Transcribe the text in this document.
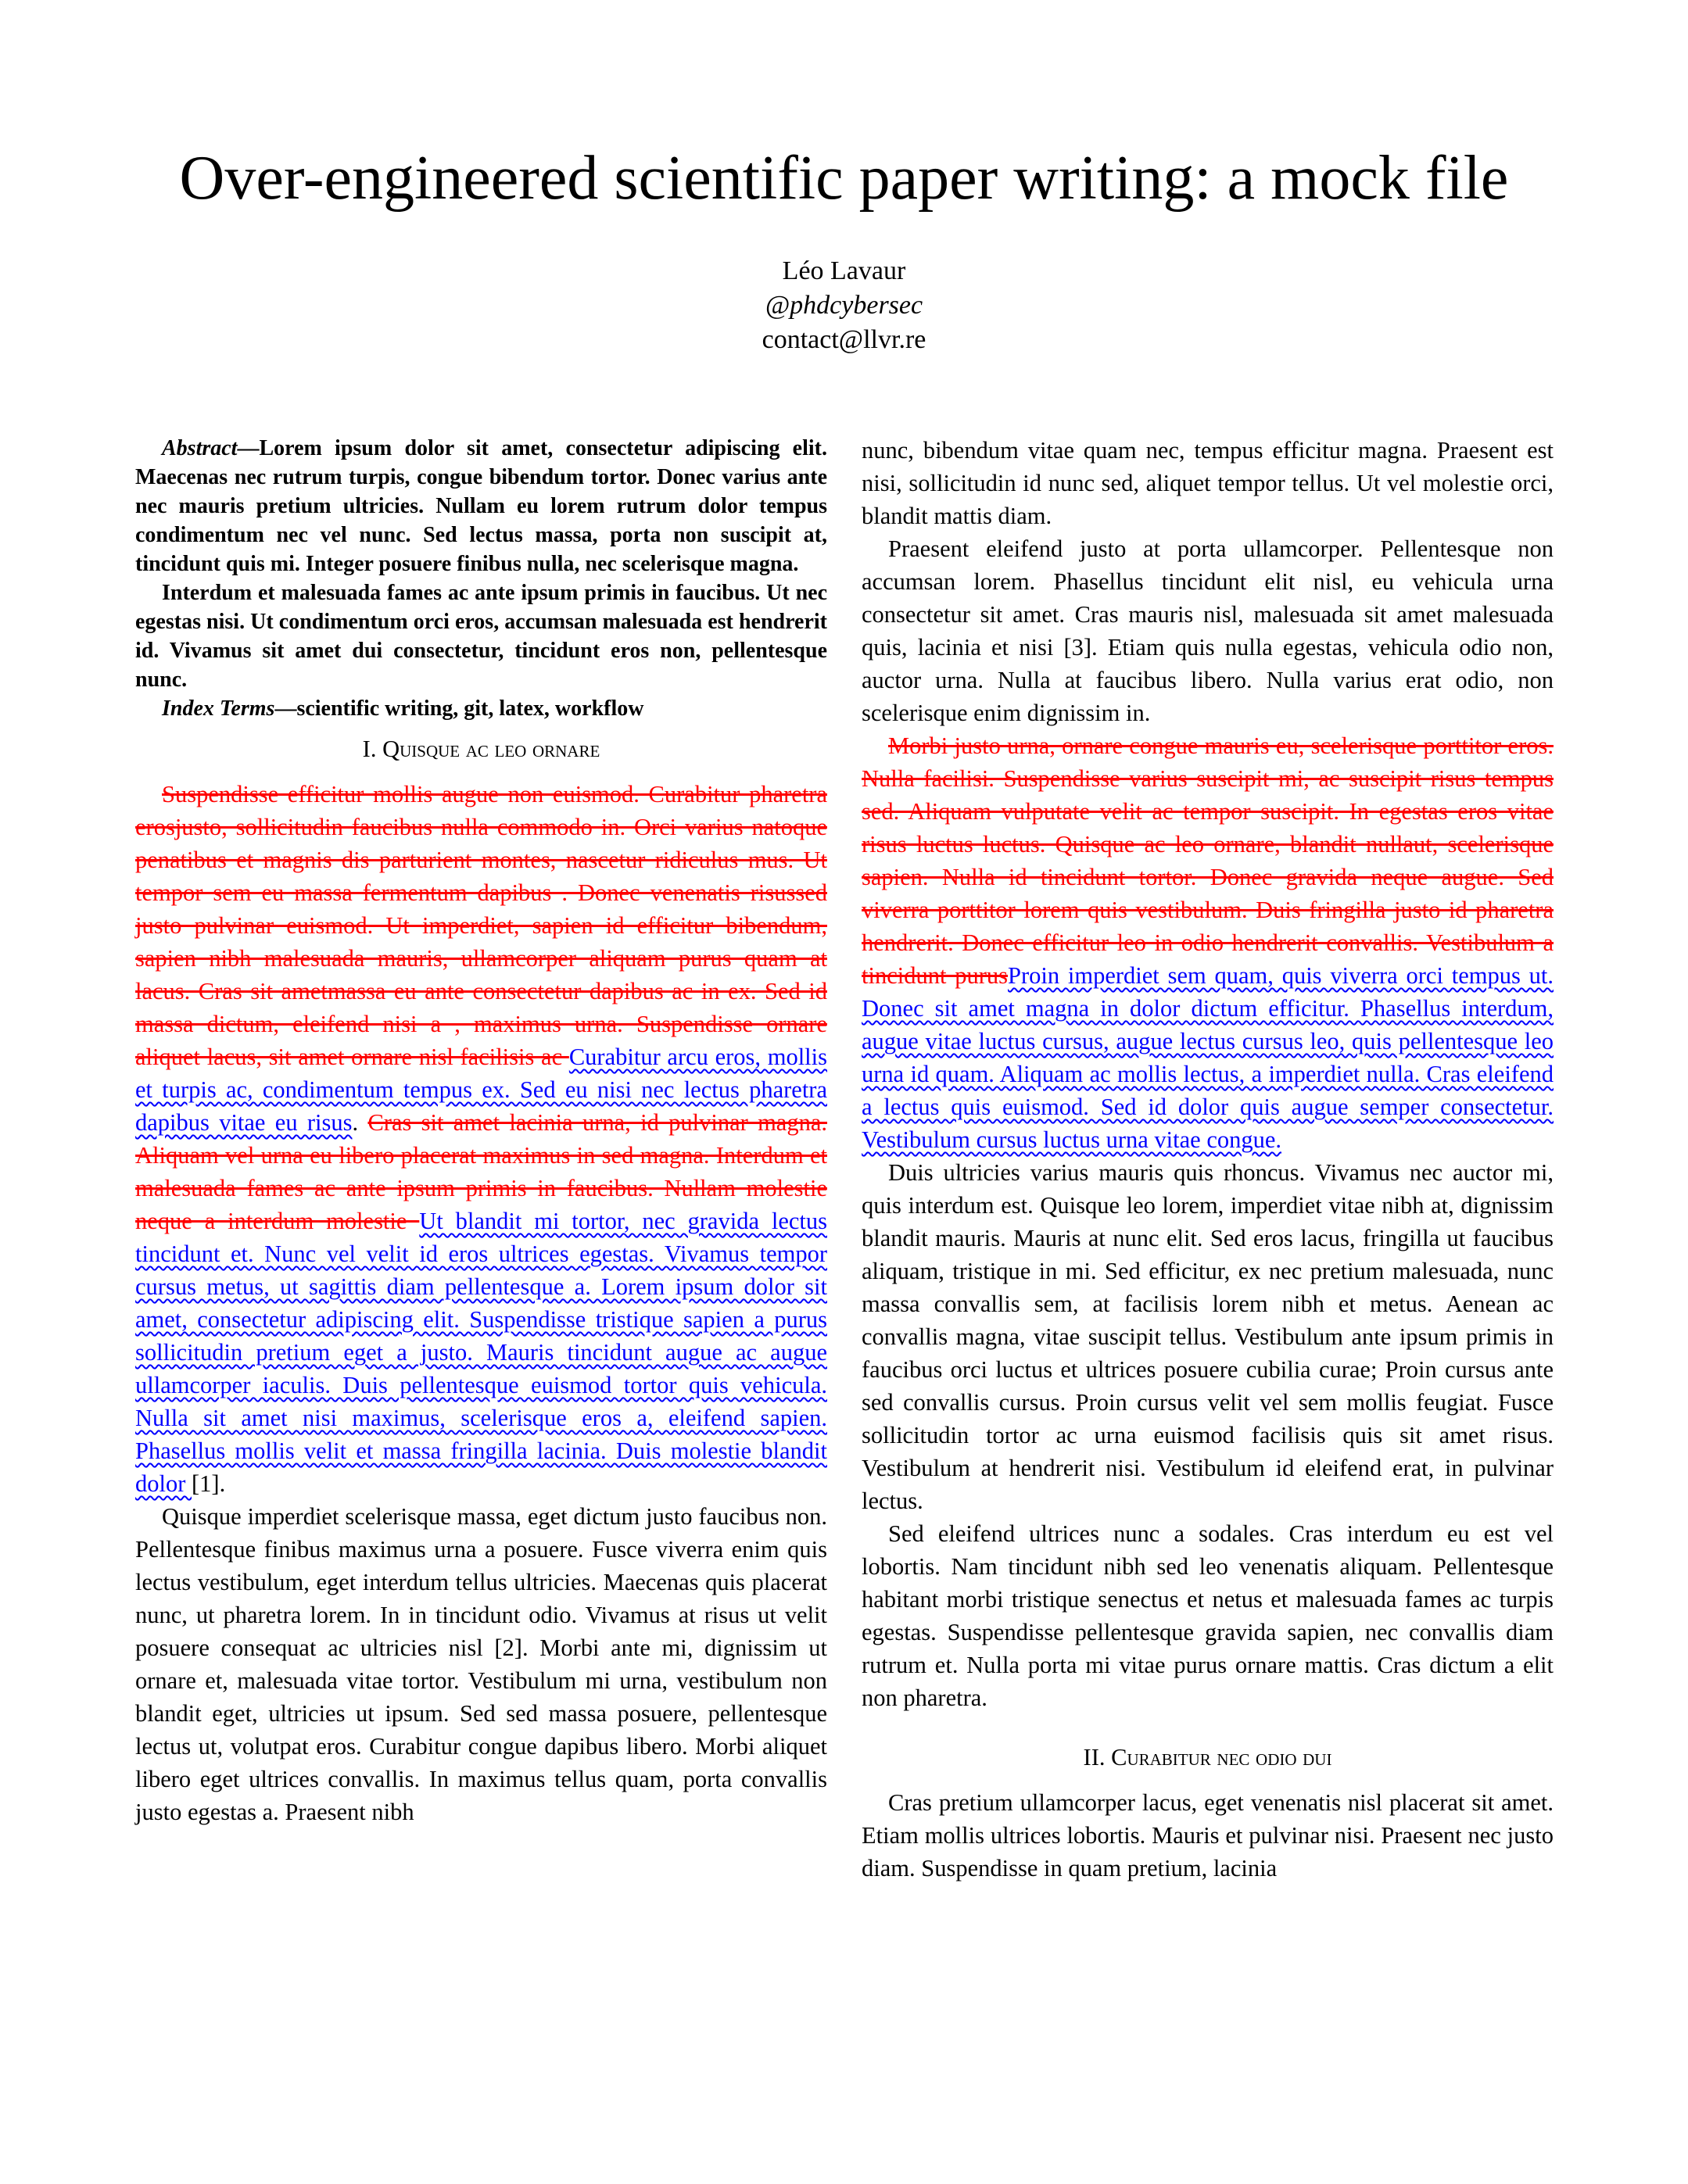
Over-engineered scientific paper writing: a mock file
Léo Lavaur
@phdcybersec
contact@llvr.re

Abstract—Lorem ipsum dolor sit amet, consectetur adipiscing elit. Maecenas nec rutrum turpis, congue bibendum tortor. Donec varius ante nec mauris pretium ultricies. Nullam eu lorem rutrum dolor tempus condimentum nec vel nunc. Sed lectus massa, porta non suscipit at, tincidunt quis mi. Integer posuere finibus nulla, nec scelerisque magna.

Interdum et malesuada fames ac ante ipsum primis in faucibus. Ut nec egestas nisi. Ut condimentum orci eros, accumsan malesuada est hendrerit id. Vivamus sit amet dui consectetur, tincidunt eros non, pellentesque nunc.

Index Terms—scientific writing, git, latex, workflow

I. Quisque ac leo ornare

Suspendisse efficitur mollis augue non euismod. Curabitur pharetra erosjusto, sollicitudin faucibus nulla commodo in. Orci varius natoque penatibus et magnis dis parturient montes, nascetur ridiculus mus. Ut tempor sem eu massa fermentum dapibus . Donec venenatis risussed justo pulvinar euismod. Ut imperdiet, sapien id efficitur bibendum, sapien nibh malesuada mauris, ullamcorper aliquam purus quam at lacus. Cras sit ametmassa eu ante consectetur dapibus ac in ex. Sed id massa dictum, eleifend nisi a , maximus urna. Suspendisse ornare aliquet lacus, sit amet ornare nisl facilisis ac Curabitur arcu eros, mollis et turpis ac, condimentum tempus ex. Sed eu nisi nec lectus pharetra dapibus vitae eu risus. Cras sit amet lacinia urna, id pulvinar magna. Aliquam vel urna eu libero placerat maximus in sed magna. Interdum et malesuada fames ac ante ipsum primis in faucibus. Nullam molestie neque a interdum molestie Ut blandit mi tortor, nec gravida lectus tincidunt et. Nunc vel velit id eros ultrices egestas. Vivamus tempor cursus metus, ut sagittis diam pellentesque a. Lorem ipsum dolor sit amet, consectetur adipiscing elit. Suspendisse tristique sapien a purus sollicitudin pretium eget a justo. Mauris tincidunt augue ac augue ullamcorper iaculis. Duis pellentesque euismod tortor quis vehicula. Nulla sit amet nisi maximus, scelerisque eros a, eleifend sapien. Phasellus mollis velit et massa fringilla lacinia. Duis molestie blandit dolor [1].

Quisque imperdiet scelerisque massa, eget dictum justo faucibus non. Pellentesque finibus maximus urna a posuere. Fusce viverra enim quis lectus vestibulum, eget interdum tellus ultricies. Maecenas quis placerat nunc, ut pharetra lorem. In in tincidunt odio. Vivamus at risus ut velit posuere consequat ac ultricies nisl [2]. Morbi ante mi, dignissim ut ornare et, malesuada vitae tortor. Vestibulum mi urna, vestibulum non blandit eget, ultricies ut ipsum. Sed sed massa posuere, pellentesque lectus ut, volutpat eros. Curabitur congue dapibus libero. Morbi aliquet libero eget ultrices convallis. In maximus tellus quam, porta convallis justo egestas a. Praesent nibh

nunc, bibendum vitae quam nec, tempus efficitur magna. Praesent est nisi, sollicitudin id nunc sed, aliquet tempor tellus. Ut vel molestie orci, blandit mattis diam.

Praesent eleifend justo at porta ullamcorper. Pellentesque non accumsan lorem. Phasellus tincidunt elit nisl, eu vehicula urna consectetur sit amet. Cras mauris nisl, malesuada sit amet malesuada quis, lacinia et nisi [3]. Etiam quis nulla egestas, vehicula odio non, auctor urna. Nulla at faucibus libero. Nulla varius erat odio, non scelerisque enim dignissim in.

Morbi justo urna, ornare congue mauris eu, scelerisque porttitor eros. Nulla facilisi. Suspendisse varius suscipit mi, ac suscipit risus tempus sed. Aliquam vulputate velit ac tempor suscipit. In egestas eros vitae risus luctus luctus. Quisque ac leo ornare, blandit nullaut, scelerisque sapien. Nulla id tincidunt tortor. Donec gravida neque augue. Sed viverra porttitor lorem quis vestibulum. Duis fringilla justo id pharetra hendrerit. Donec efficitur leo in odio hendrerit convallis. Vestibulum a tincidunt purusProin imperdiet sem quam, quis viverra orci tempus ut. Donec sit amet magna in dolor dictum efficitur. Phasellus interdum, augue vitae luctus cursus, augue lectus cursus leo, quis pellentesque leo urna id quam. Aliquam ac mollis lectus, a imperdiet nulla. Cras eleifend a lectus quis euismod. Sed id dolor quis augue semper consectetur. Vestibulum cursus luctus urna vitae congue.

Duis ultricies varius mauris quis rhoncus. Vivamus nec auctor mi, quis interdum est. Quisque leo lorem, imperdiet vitae nibh at, dignissim blandit mauris. Mauris at nunc elit. Sed eros lacus, fringilla ut faucibus aliquam, tristique in mi. Sed efficitur, ex nec pretium malesuada, nunc massa convallis sem, at facilisis lorem nibh et metus. Aenean ac convallis magna, vitae suscipit tellus. Vestibulum ante ipsum primis in faucibus orci luctus et ultrices posuere cubilia curae; Proin cursus ante sed convallis cursus. Proin cursus velit vel sem mollis feugiat. Fusce sollicitudin tortor ac urna euismod facilisis quis sit amet risus. Vestibulum at hendrerit nisi. Vestibulum id eleifend erat, in pulvinar lectus.

Sed eleifend ultrices nunc a sodales. Cras interdum eu est vel lobortis. Nam tincidunt nibh sed leo venenatis aliquam. Pellentesque habitant morbi tristique senectus et netus et malesuada fames ac turpis egestas. Suspendisse pellentesque gravida sapien, nec convallis diam rutrum et. Nulla porta mi vitae purus ornare mattis. Cras dictum a elit non pharetra.

II. Curabitur nec odio dui

Cras pretium ullamcorper lacus, eget venenatis nisl placerat sit amet. Etiam mollis ultrices lobortis. Mauris et pulvinar nisi. Praesent nec justo diam. Suspendisse in quam pretium, lacinia
